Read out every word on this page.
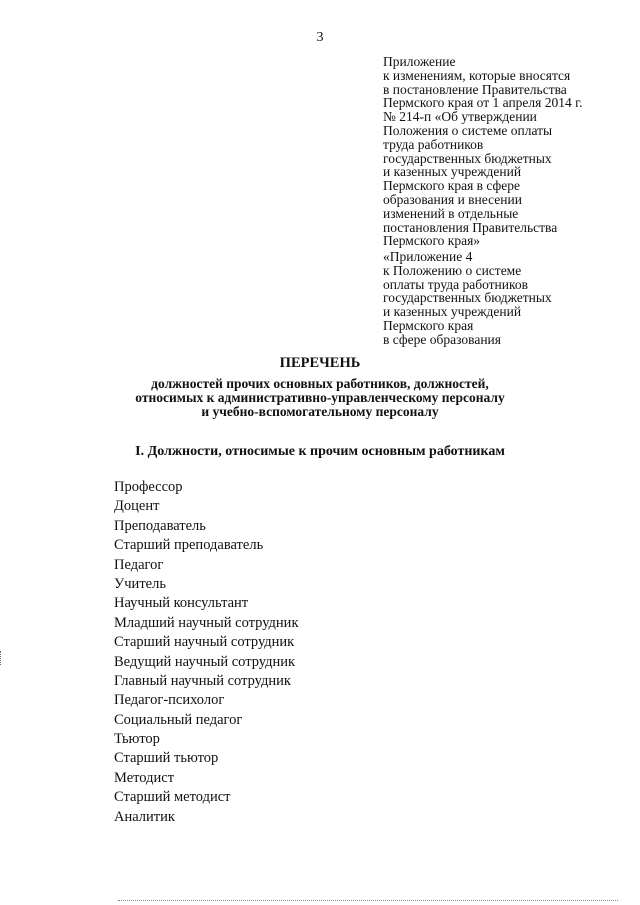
3
Приложение
к изменениям, которые вносятся
в постановление Правительства
Пермского края от 1 апреля 2014 г.
№ 214-п «Об утверждении
Положения о системе оплаты
труда работников
государственных бюджетных
и казенных учреждений
Пермского края в сфере
образования и внесении
изменений в отдельные
постановления Правительства
Пермского края»
«Приложение 4
к Положению о системе
оплаты труда работников
государственных бюджетных
и казенных учреждений
Пермского края
в сфере образования
ПЕРЕЧЕНЬ
должностей прочих основных работников, должностей,
относимых к административно-управленческому персоналу
и учебно-вспомогательному персоналу
I. Должности, относимые к прочим основным работникам
Профессор
Доцент
Преподаватель
Старший преподаватель
Педагог
Учитель
Научный консультант
Младший научный сотрудник
Старший научный сотрудник
Ведущий научный сотрудник
Главный научный сотрудник
Педагог-психолог
Социальный педагог
Тьютор
Старший тьютор
Методист
Старший методист
Аналитик
